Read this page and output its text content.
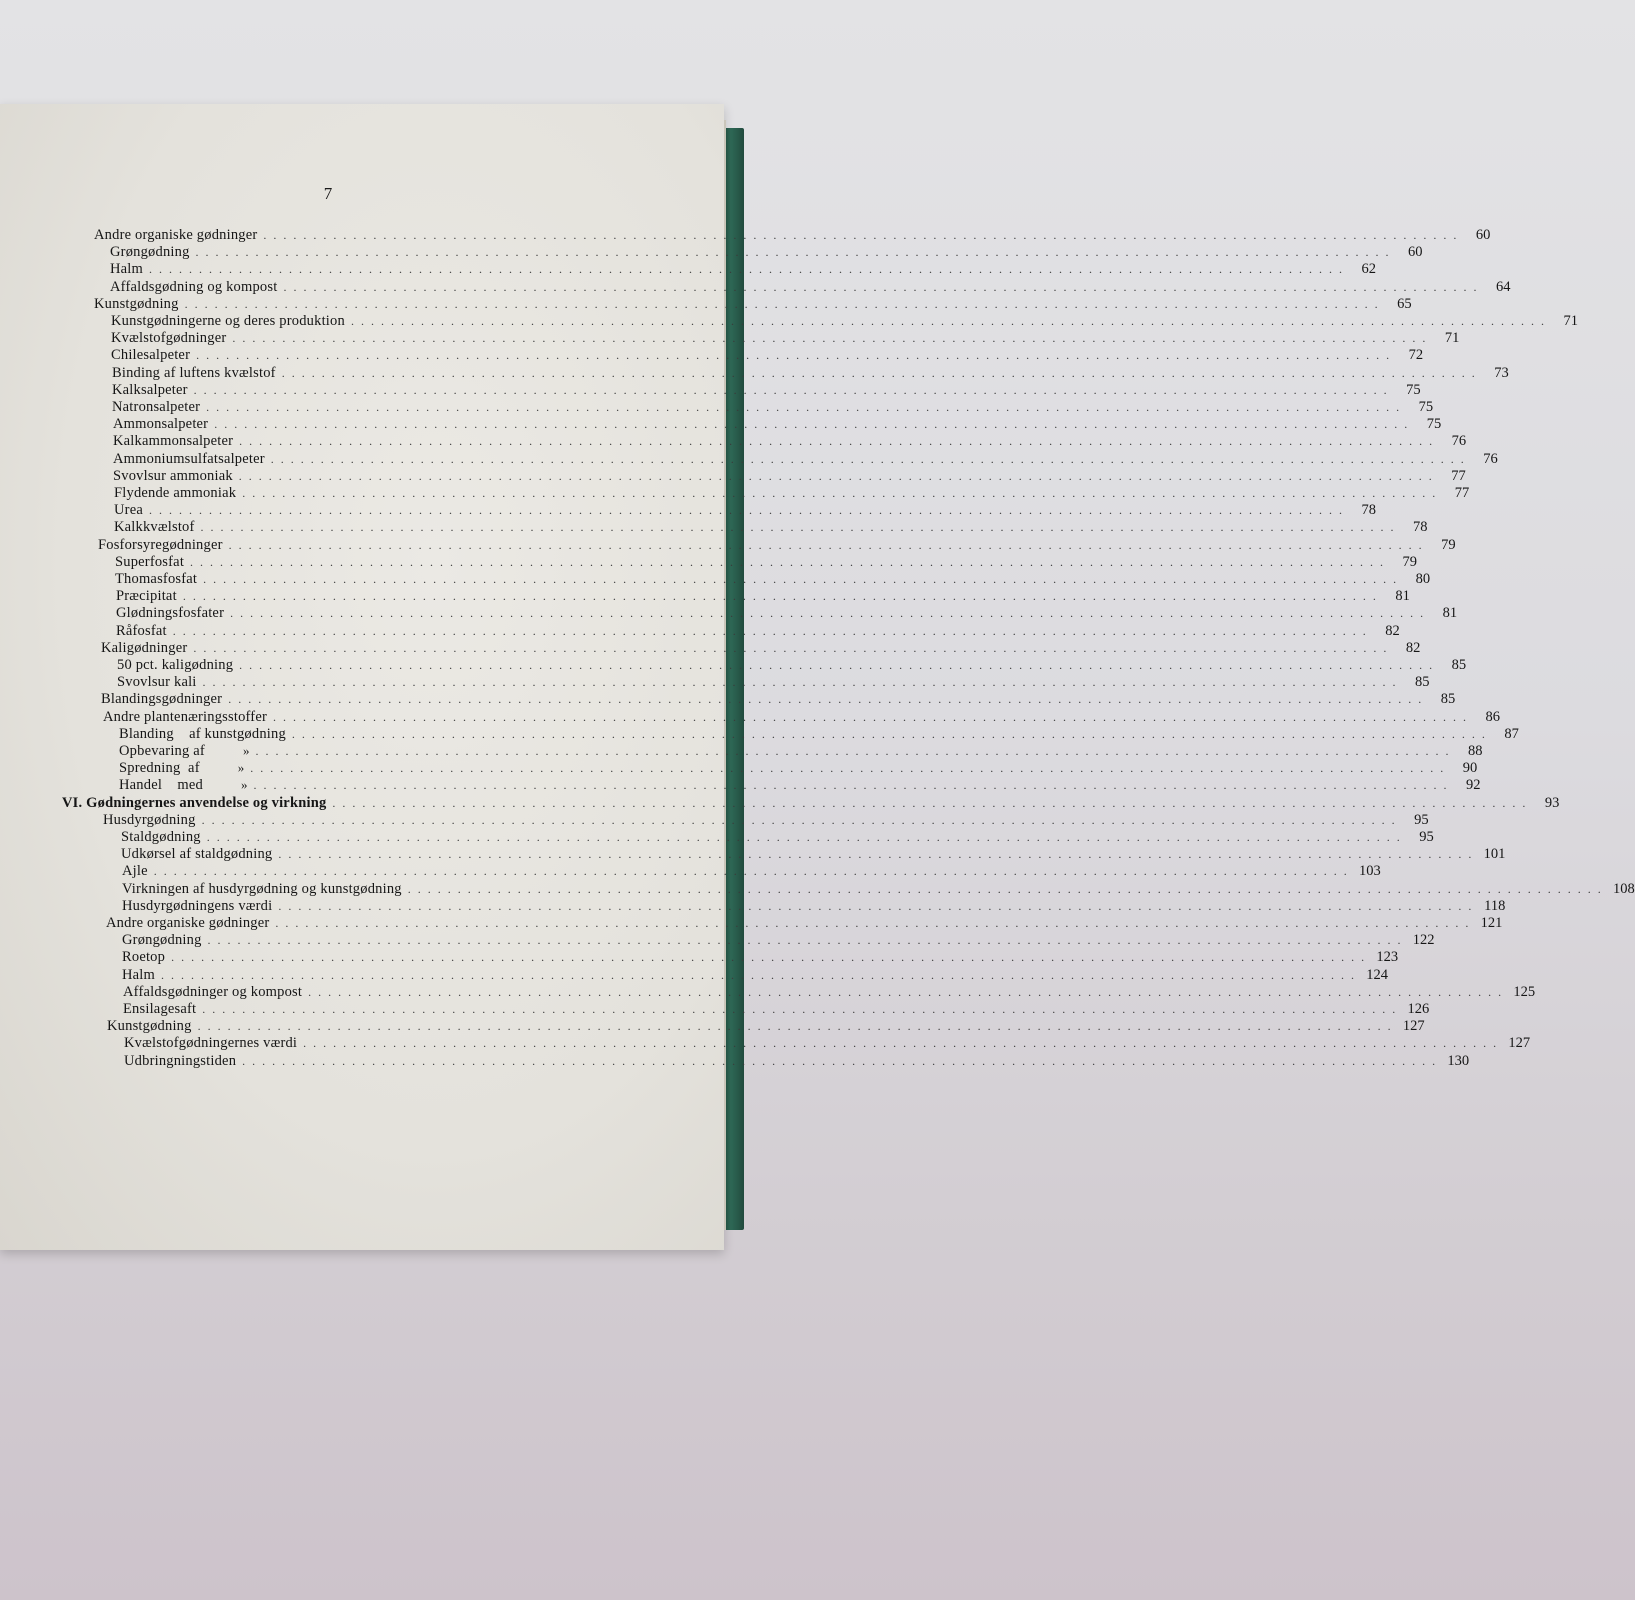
7
Andre organiske gødninger . . . . . . . . . . . . . . . . . . . . . . . . . . . . . . . . . . . . . . . . . . . . . . . . . . . . . . . . . . . . . . . . . . . . . . . . . . . . . . . . . . . . . . . . . . . . . . . . . . . . . . . . . . . . . . . . . . . . . . . .	60
Grøngødning . . . . . . . . . . . . . . . . . . . . . . . . . . . . . . . . . . . . . . . . . . . . . . . . . . . . . . . . . . . . . . . . . . . . . . . . . . . . . . . . . . . . . . . . . . . . . . . . . . . . . . . . . . . . . . . . . . . . . . . .	60
Halm . . . . . . . . . . . . . . . . . . . . . . . . . . . . . . . . . . . . . . . . . . . . . . . . . . . . . . . . . . . . . . . . . . . . . . . . . . . . . . . . . . . . . . . . . . . . . . . . . . . . . . . . . . . . . . . . . . . . . . . .	62
Affaldsgødning og kompost . . . . . . . . . . . . . . . . . . . . . . . . . . . . . . . . . . . . . . . . . . . . . . . . . . . . . . . . . . . . . . . . . . . . . . . . . . . . . . . . . . . . . . . . . . . . . . . . . . . . . . . . . . . . . . . . . . . . . . . .	64
Kunstgødning . . . . . . . . . . . . . . . . . . . . . . . . . . . . . . . . . . . . . . . . . . . . . . . . . . . . . . . . . . . . . . . . . . . . . . . . . . . . . . . . . . . . . . . . . . . . . . . . . . . . . . . . . . . . . . . . . . . . . . . .	65
Kunstgødningerne og deres produktion . . . . . . . . . . . . . . . . . . . . . . . . . . . . . . . . . . . . . . . . . . . . . . . . . . . . . . . . . . . . . . . . . . . . . . . . . . . . . . . . . . . . . . . . . . . . . . . . . . . . . . . . . . . . . . . . . . . . . . . .	71
Kvælstofgødninger . . . . . . . . . . . . . . . . . . . . . . . . . . . . . . . . . . . . . . . . . . . . . . . . . . . . . . . . . . . . . . . . . . . . . . . . . . . . . . . . . . . . . . . . . . . . . . . . . . . . . . . . . . . . . . . . . . . . . . . .	71
Chilesalpeter . . . . . . . . . . . . . . . . . . . . . . . . . . . . . . . . . . . . . . . . . . . . . . . . . . . . . . . . . . . . . . . . . . . . . . . . . . . . . . . . . . . . . . . . . . . . . . . . . . . . . . . . . . . . . . . . . . . . . . . .	72
Binding af luftens kvælstof . . . . . . . . . . . . . . . . . . . . . . . . . . . . . . . . . . . . . . . . . . . . . . . . . . . . . . . . . . . . . . . . . . . . . . . . . . . . . . . . . . . . . . . . . . . . . . . . . . . . . . . . . . . . . . . . . . . . . . . .	73
Kalksalpeter . . . . . . . . . . . . . . . . . . . . . . . . . . . . . . . . . . . . . . . . . . . . . . . . . . . . . . . . . . . . . . . . . . . . . . . . . . . . . . . . . . . . . . . . . . . . . . . . . . . . . . . . . . . . . . . . . . . . . . . .	75
Natronsalpeter . . . . . . . . . . . . . . . . . . . . . . . . . . . . . . . . . . . . . . . . . . . . . . . . . . . . . . . . . . . . . . . . . . . . . . . . . . . . . . . . . . . . . . . . . . . . . . . . . . . . . . . . . . . . . . . . . . . . . . . .	75
Ammonsalpeter . . . . . . . . . . . . . . . . . . . . . . . . . . . . . . . . . . . . . . . . . . . . . . . . . . . . . . . . . . . . . . . . . . . . . . . . . . . . . . . . . . . . . . . . . . . . . . . . . . . . . . . . . . . . . . . . . . . . . . . .	75
Kalkammonsalpeter . . . . . . . . . . . . . . . . . . . . . . . . . . . . . . . . . . . . . . . . . . . . . . . . . . . . . . . . . . . . . . . . . . . . . . . . . . . . . . . . . . . . . . . . . . . . . . . . . . . . . . . . . . . . . . . . . . . . . . . .	76
Ammoniumsulfatsalpeter . . . . . . . . . . . . . . . . . . . . . . . . . . . . . . . . . . . . . . . . . . . . . . . . . . . . . . . . . . . . . . . . . . . . . . . . . . . . . . . . . . . . . . . . . . . . . . . . . . . . . . . . . . . . . . . . . . . . . . . .	76
Svovlsur ammoniak . . . . . . . . . . . . . . . . . . . . . . . . . . . . . . . . . . . . . . . . . . . . . . . . . . . . . . . . . . . . . . . . . . . . . . . . . . . . . . . . . . . . . . . . . . . . . . . . . . . . . . . . . . . . . . . . . . . . . . . .	77
Flydende ammoniak . . . . . . . . . . . . . . . . . . . . . . . . . . . . . . . . . . . . . . . . . . . . . . . . . . . . . . . . . . . . . . . . . . . . . . . . . . . . . . . . . . . . . . . . . . . . . . . . . . . . . . . . . . . . . . . . . . . . . . . .	77
Urea . . . . . . . . . . . . . . . . . . . . . . . . . . . . . . . . . . . . . . . . . . . . . . . . . . . . . . . . . . . . . . . . . . . . . . . . . . . . . . . . . . . . . . . . . . . . . . . . . . . . . . . . . . . . . . . . . . . . . . . .	78
Kalkkvælstof . . . . . . . . . . . . . . . . . . . . . . . . . . . . . . . . . . . . . . . . . . . . . . . . . . . . . . . . . . . . . . . . . . . . . . . . . . . . . . . . . . . . . . . . . . . . . . . . . . . . . . . . . . . . . . . . . . . . . . . .	78
Fosforsyregødninger . . . . . . . . . . . . . . . . . . . . . . . . . . . . . . . . . . . . . . . . . . . . . . . . . . . . . . . . . . . . . . . . . . . . . . . . . . . . . . . . . . . . . . . . . . . . . . . . . . . . . . . . . . . . . . . . . . . . . . . .	79
Superfosfat . . . . . . . . . . . . . . . . . . . . . . . . . . . . . . . . . . . . . . . . . . . . . . . . . . . . . . . . . . . . . . . . . . . . . . . . . . . . . . . . . . . . . . . . . . . . . . . . . . . . . . . . . . . . . . . . . . . . . . . .	79
Thomasfosfat . . . . . . . . . . . . . . . . . . . . . . . . . . . . . . . . . . . . . . . . . . . . . . . . . . . . . . . . . . . . . . . . . . . . . . . . . . . . . . . . . . . . . . . . . . . . . . . . . . . . . . . . . . . . . . . . . . . . . . . .	80
Præcipitat . . . . . . . . . . . . . . . . . . . . . . . . . . . . . . . . . . . . . . . . . . . . . . . . . . . . . . . . . . . . . . . . . . . . . . . . . . . . . . . . . . . . . . . . . . . . . . . . . . . . . . . . . . . . . . . . . . . . . . . .	81
Glødningsfosfater . . . . . . . . . . . . . . . . . . . . . . . . . . . . . . . . . . . . . . . . . . . . . . . . . . . . . . . . . . . . . . . . . . . . . . . . . . . . . . . . . . . . . . . . . . . . . . . . . . . . . . . . . . . . . . . . . . . . . . . .	81
Råfosfat . . . . . . . . . . . . . . . . . . . . . . . . . . . . . . . . . . . . . . . . . . . . . . . . . . . . . . . . . . . . . . . . . . . . . . . . . . . . . . . . . . . . . . . . . . . . . . . . . . . . . . . . . . . . . . . . . . . . . . . .	82
Kaligødninger . . . . . . . . . . . . . . . . . . . . . . . . . . . . . . . . . . . . . . . . . . . . . . . . . . . . . . . . . . . . . . . . . . . . . . . . . . . . . . . . . . . . . . . . . . . . . . . . . . . . . . . . . . . . . . . . . . . . . . . .	82
50 pct. kaligødning . . . . . . . . . . . . . . . . . . . . . . . . . . . . . . . . . . . . . . . . . . . . . . . . . . . . . . . . . . . . . . . . . . . . . . . . . . . . . . . . . . . . . . . . . . . . . . . . . . . . . . . . . . . . . . . . . . . . . . . .	85
Svovlsur kali . . . . . . . . . . . . . . . . . . . . . . . . . . . . . . . . . . . . . . . . . . . . . . . . . . . . . . . . . . . . . . . . . . . . . . . . . . . . . . . . . . . . . . . . . . . . . . . . . . . . . . . . . . . . . . . . . . . . . . . .	85
Blandingsgødninger . . . . . . . . . . . . . . . . . . . . . . . . . . . . . . . . . . . . . . . . . . . . . . . . . . . . . . . . . . . . . . . . . . . . . . . . . . . . . . . . . . . . . . . . . . . . . . . . . . . . . . . . . . . . . . . . . . . . . . . .	85
Andre plantenæringsstoffer . . . . . . . . . . . . . . . . . . . . . . . . . . . . . . . . . . . . . . . . . . . . . . . . . . . . . . . . . . . . . . . . . . . . . . . . . . . . . . . . . . . . . . . . . . . . . . . . . . . . . . . . . . . . . . . . . . . . . . . .	86
Blanding    af kunstgødning . . . . . . . . . . . . . . . . . . . . . . . . . . . . . . . . . . . . . . . . . . . . . . . . . . . . . . . . . . . . . . . . . . . . . . . . . . . . . . . . . . . . . . . . . . . . . . . . . . . . . . . . . . . . . . . . . . . . . . . .	87
Opbevaring af	» . . . . . . . . . . . . . . . . . . . . . . . . . . . . . . . . . . . . . . . . . . . . . . . . . . . . . . . . . . . . . . . . . . . . . . . . . . . . . . . . . . . . . . . . . . . . . . . . . . . . . . . . . . . . . . . . . . . . . . . .	88
Spredning  af	» . . . . . . . . . . . . . . . . . . . . . . . . . . . . . . . . . . . . . . . . . . . . . . . . . . . . . . . . . . . . . . . . . . . . . . . . . . . . . . . . . . . . . . . . . . . . . . . . . . . . . . . . . . . . . . . . . . . . . . . .	90
Handel    med	» . . . . . . . . . . . . . . . . . . . . . . . . . . . . . . . . . . . . . . . . . . . . . . . . . . . . . . . . . . . . . . . . . . . . . . . . . . . . . . . . . . . . . . . . . . . . . . . . . . . . . . . . . . . . . . . . . . . . . . . .	92
VI. Gødningernes anvendelse og virkning . . . . . . . . . . . . . . . . . . . . . . . . . . . . . . . . . . . . . . . . . . . . . . . . . . . . . . . . . . . . . . . . . . . . . . . . . . . . . . . . . . . . . . . . . . . . . . . . . . . . . . . . . . . . . . . . . . . . . . . .	93
Husdyrgødning . . . . . . . . . . . . . . . . . . . . . . . . . . . . . . . . . . . . . . . . . . . . . . . . . . . . . . . . . . . . . . . . . . . . . . . . . . . . . . . . . . . . . . . . . . . . . . . . . . . . . . . . . . . . . . . . . . . . . . . .	95
Staldgødning . . . . . . . . . . . . . . . . . . . . . . . . . . . . . . . . . . . . . . . . . . . . . . . . . . . . . . . . . . . . . . . . . . . . . . . . . . . . . . . . . . . . . . . . . . . . . . . . . . . . . . . . . . . . . . . . . . . . . . . .	95
Udkørsel af staldgødning . . . . . . . . . . . . . . . . . . . . . . . . . . . . . . . . . . . . . . . . . . . . . . . . . . . . . . . . . . . . . . . . . . . . . . . . . . . . . . . . . . . . . . . . . . . . . . . . . . . . . . . . . . . . . . . . . . . . . . . . 101
Ajle . . . . . . . . . . . . . . . . . . . . . . . . . . . . . . . . . . . . . . . . . . . . . . . . . . . . . . . . . . . . . . . . . . . . . . . . . . . . . . . . . . . . . . . . . . . . . . . . . . . . . . . . . . . . . . . . . . . . . . . . 103
Virkningen af husdyrgødning og kunstgødning . . . . . . . . . . . . . . . . . . . . . . . . . . . . . . . . . . . . . . . . . . . . . . . . . . . . . . . . . . . . . . . . . . . . . . . . . . . . . . . . . . . . . . . . . . . . . . . . . . . . . . . . . . . . . . . . . . . . . . . . 108
Husdyrgødningens værdi . . . . . . . . . . . . . . . . . . . . . . . . . . . . . . . . . . . . . . . . . . . . . . . . . . . . . . . . . . . . . . . . . . . . . . . . . . . . . . . . . . . . . . . . . . . . . . . . . . . . . . . . . . . . . . . . . . . . . . . . 118
Andre organiske gødninger . . . . . . . . . . . . . . . . . . . . . . . . . . . . . . . . . . . . . . . . . . . . . . . . . . . . . . . . . . . . . . . . . . . . . . . . . . . . . . . . . . . . . . . . . . . . . . . . . . . . . . . . . . . . . . . . . . . . . . . . 121
Grøngødning . . . . . . . . . . . . . . . . . . . . . . . . . . . . . . . . . . . . . . . . . . . . . . . . . . . . . . . . . . . . . . . . . . . . . . . . . . . . . . . . . . . . . . . . . . . . . . . . . . . . . . . . . . . . . . . . . . . . . . . . 122
Roetop . . . . . . . . . . . . . . . . . . . . . . . . . . . . . . . . . . . . . . . . . . . . . . . . . . . . . . . . . . . . . . . . . . . . . . . . . . . . . . . . . . . . . . . . . . . . . . . . . . . . . . . . . . . . . . . . . . . . . . . . 123
Halm . . . . . . . . . . . . . . . . . . . . . . . . . . . . . . . . . . . . . . . . . . . . . . . . . . . . . . . . . . . . . . . . . . . . . . . . . . . . . . . . . . . . . . . . . . . . . . . . . . . . . . . . . . . . . . . . . . . . . . . . 124
Affaldsgødninger og kompost . . . . . . . . . . . . . . . . . . . . . . . . . . . . . . . . . . . . . . . . . . . . . . . . . . . . . . . . . . . . . . . . . . . . . . . . . . . . . . . . . . . . . . . . . . . . . . . . . . . . . . . . . . . . . . . . . . . . . . . . 125
Ensilagesaft . . . . . . . . . . . . . . . . . . . . . . . . . . . . . . . . . . . . . . . . . . . . . . . . . . . . . . . . . . . . . . . . . . . . . . . . . . . . . . . . . . . . . . . . . . . . . . . . . . . . . . . . . . . . . . . . . . . . . . . . 126
Kunstgødning . . . . . . . . . . . . . . . . . . . . . . . . . . . . . . . . . . . . . . . . . . . . . . . . . . . . . . . . . . . . . . . . . . . . . . . . . . . . . . . . . . . . . . . . . . . . . . . . . . . . . . . . . . . . . . . . . . . . . . . . 127
Kvælstofgødningernes værdi . . . . . . . . . . . . . . . . . . . . . . . . . . . . . . . . . . . . . . . . . . . . . . . . . . . . . . . . . . . . . . . . . . . . . . . . . . . . . . . . . . . . . . . . . . . . . . . . . . . . . . . . . . . . . . . . . . . . . . . . 127
Udbringningstiden . . . . . . . . . . . . . . . . . . . . . . . . . . . . . . . . . . . . . . . . . . . . . . . . . . . . . . . . . . . . . . . . . . . . . . . . . . . . . . . . . . . . . . . . . . . . . . . . . . . . . . . . . . . . . . . . . . . . . . . . 130
